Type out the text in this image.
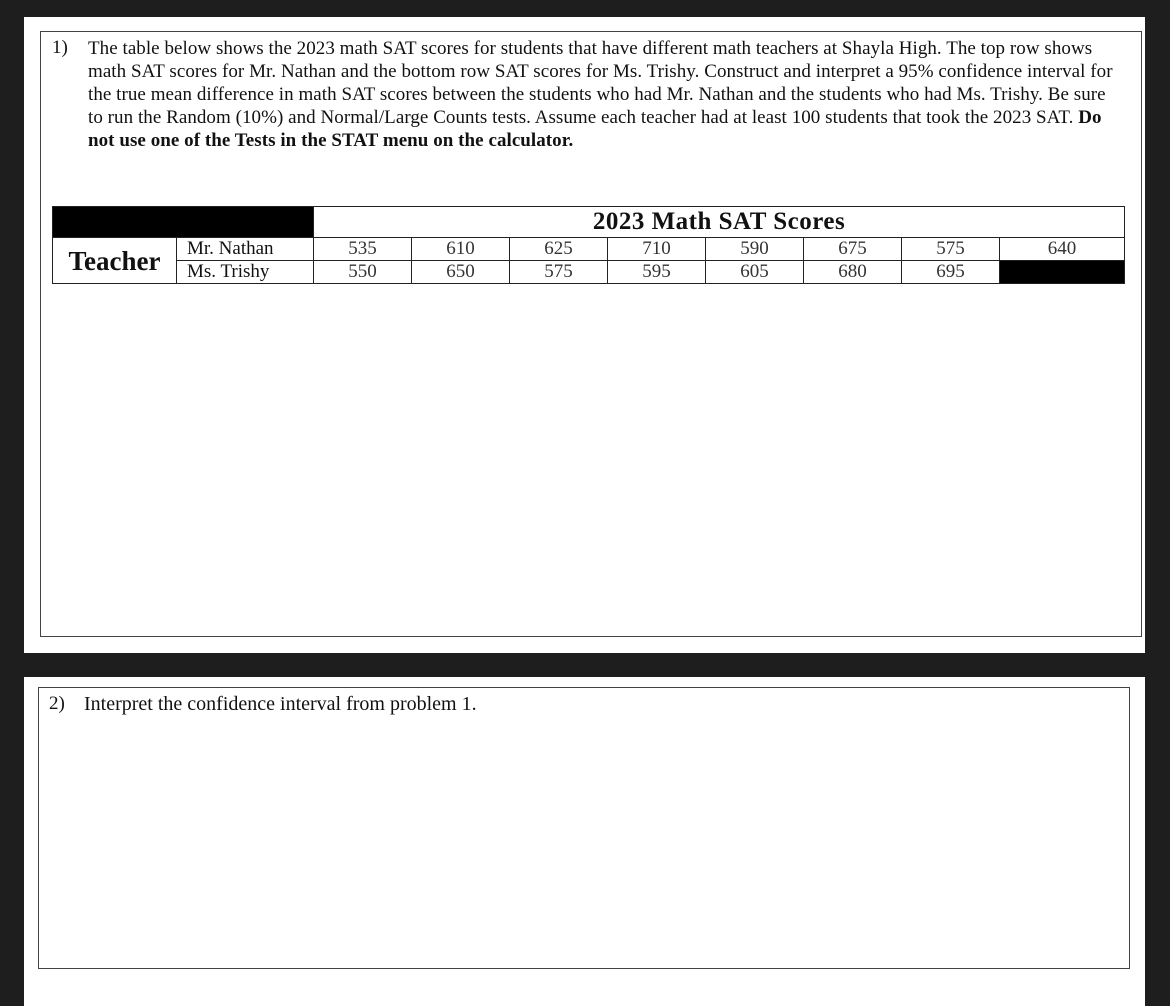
1) The table below shows the 2023 math SAT scores for students that have different math teachers at Shayla High. The top row shows math SAT scores for Mr. Nathan and the bottom row SAT scores for Ms. Trishy. Construct and interpret a 95% confidence interval for the true mean difference in math SAT scores between the students who had Mr. Nathan and the students who had Ms. Trishy. Be sure to run the Random (10%) and Normal/Large Counts tests. Assume each teacher had at least 100 students that took the 2023 SAT. Do not use one of the Tests in the STAT menu on the calculator.
		2023 Math SAT Scores							
Teacher	Mr. Nathan	535	610	625	710	590	675	575	640
	Ms. Trishy	550	650	575	595	605	680	695	
2) Interpret the confidence interval from problem 1.
